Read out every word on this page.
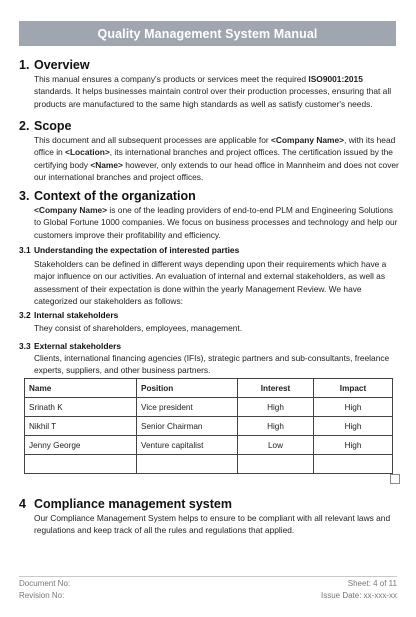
Quality Management System Manual
1. Overview
This manual ensures a company's products or services meet the required ISO9001:2015 standards. It helps businesses maintain control over their production processes, ensuring that all products are manufactured to the same high standards as well as satisfy customer's needs.
2. Scope
This document and all subsequent processes are applicable for <Company Name>, with its head office in <Location>, its international branches and project offices. The certification issued by the certifying body <Name> however, only extends to our head office in Mannheim and does not cover our international branches and project offices.
3. Context of the organization
<Company Name> is one of the leading providers of end-to-end PLM and Engineering Solutions to Global Fortune 1000 companies. We focus on business processes and technology and help our customers improve their profitability and efficiency.
3.1 Understanding the expectation of interested parties
Stakeholders can be defined in different ways depending upon their requirements which have a major influence on our activities. An evaluation of internal and external stakeholders, as well as assessment of their expectation is done within the yearly Management Review. We have categorized our stakeholders as follows:
3.2 Internal stakeholders
They consist of shareholders, employees, management.
3.3 External stakeholders
Clients, international financing agencies (IFIs), strategic partners and sub-consultants, freelance experts, suppliers, and other business partners.
Name	Position	Interest	Impact
Srinath K	Vice president	High	High
Nikhil T	Senior Chairman	High	High
Jenny George	Venture capitalist	Low	High

4 Compliance management system
Our Compliance Management System helps to ensure to be compliant with all relevant laws and regulations and keep track of all the rules and regulations that applied.
Document No:
Revision No:
Sheet: 4 of 11
Issue Date: xx-xxx-xx
